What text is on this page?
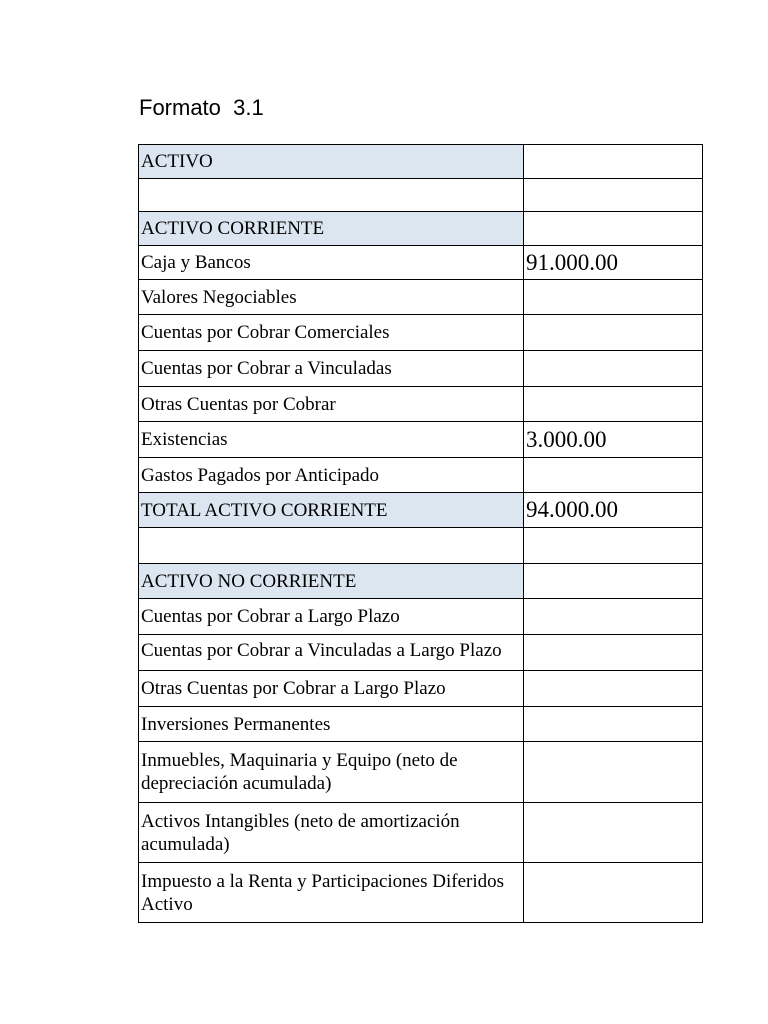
Formato  3.1
ACTIVO	

ACTIVO CORRIENTE	
Caja y Bancos	91.000.00
Valores Negociables	
Cuentas por Cobrar Comerciales	
Cuentas por Cobrar a Vinculadas	
Otras Cuentas por Cobrar	
Existencias	3.000.00
Gastos Pagados por Anticipado	
TOTAL ACTIVO CORRIENTE	94.000.00

ACTIVO NO CORRIENTE	
Cuentas por Cobrar a Largo Plazo	

Cuentas por Cobrar a Vinculadas a Largo Plazo	

Otras Cuentas por Cobrar a Largo Plazo	
Inversiones Permanentes	
Inmuebles, Maquinaria y Equipo (neto de depreciación acumulada)	
Activos Intangibles (neto de amortización acumulada)	
Impuesto a la Renta y Participaciones Diferidos Activo	
